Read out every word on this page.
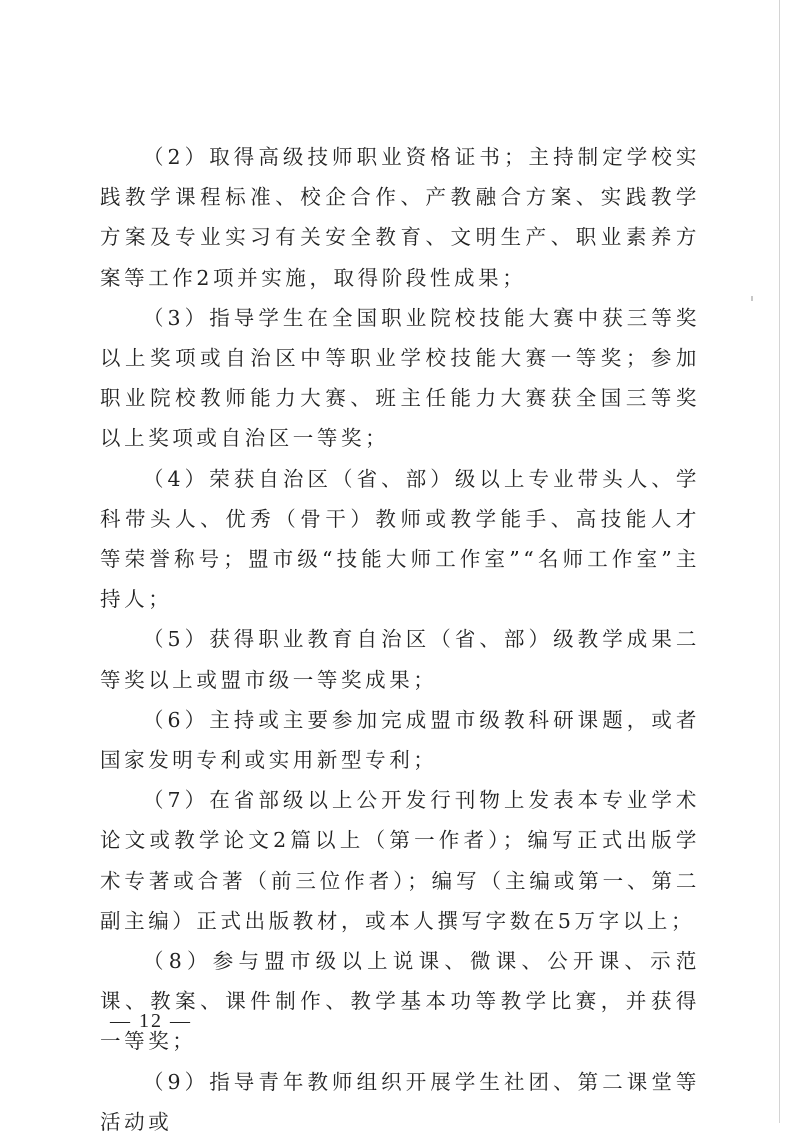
（2）取得高级技师职业资格证书；主持制定学校实践教学课程标准、校企合作、产教融合方案、实践教学方案及专业实习有关安全教育、文明生产、职业素养方案等工作2项并实施，取得阶段性成果；

（3）指导学生在全国职业院校技能大赛中获三等奖以上奖项或自治区中等职业学校技能大赛一等奖；参加职业院校教师能力大赛、班主任能力大赛获全国三等奖以上奖项或自治区一等奖；

（4）荣获自治区（省、部）级以上专业带头人、学科带头人、优秀（骨干）教师或教学能手、高技能人才等荣誉称号；盟市级“技能大师工作室”“名师工作室”主持人；

（5）获得职业教育自治区（省、部）级教学成果二等奖以上或盟市级一等奖成果；

（6）主持或主要参加完成盟市级教科研课题，或者国家发明专利或实用新型专利；

（7）在省部级以上公开发行刊物上发表本专业学术论文或教学论文2篇以上（第一作者）；编写正式出版学术专著或合著（前三位作者）；编写（主编或第一、第二副主编）正式出版教材，或本人撰写字数在5万字以上；

（8）参与盟市级以上说课、微课、公开课、示范课、教案、课件制作、教学基本功等教学比赛，并获得一等奖；

（9）指导青年教师组织开展学生社团、第二课堂等活动或

— 12 —
